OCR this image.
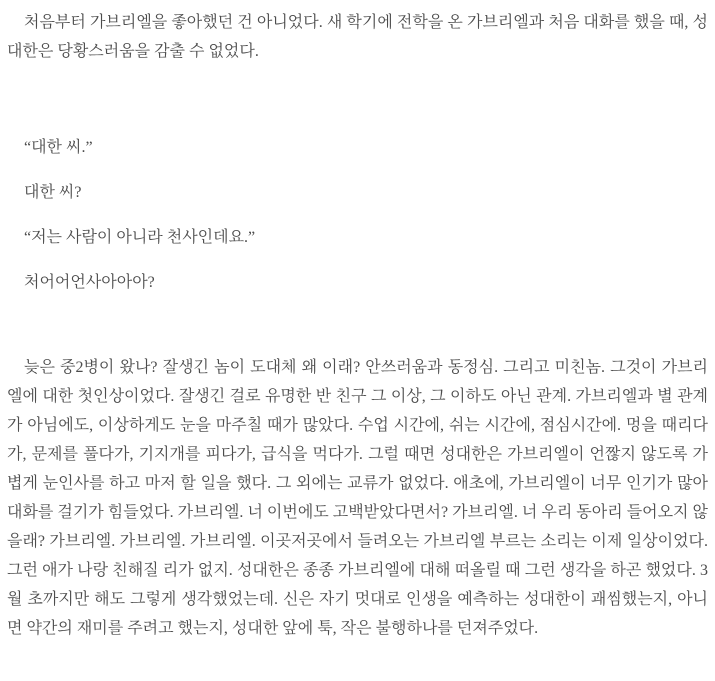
처음부터 가브리엘을 좋아했던 건 아니었다. 새 학기에 전학을 온 가브리엘과 처음 대화를 했을 때, 성대한은 당황스러움을 감출 수 없었다.

“대한 씨.”

대한 씨?

“저는 사람이 아니라 천사인데요.”

처어어언사아아아?

늦은 중2병이 왔나? 잘생긴 놈이 도대체 왜 이래? 안쓰러움과 동정심. 그리고 미친놈. 그것이 가브리엘에 대한 첫인상이었다. 잘생긴 걸로 유명한 반 친구 그 이상, 그 이하도 아닌 관계. 가브리엘과 별 관계가 아님에도, 이상하게도 눈을 마주칠 때가 많았다. 수업 시간에, 쉬는 시간에, 점심시간에. 멍을 때리다가, 문제를 풀다가, 기지개를 피다가, 급식을 먹다가. 그럴 때면 성대한은 가브리엘이 언짢지 않도록 가볍게 눈인사를 하고 마저 할 일을 했다. 그 외에는 교류가 없었다. 애초에, 가브리엘이 너무 인기가 많아 대화를 걸기가 힘들었다. 가브리엘. 너 이번에도 고백받았다면서? 가브리엘. 너 우리 동아리 들어오지 않을래? 가브리엘. 가브리엘. 가브리엘. 이곳저곳에서 들려오는 가브리엘 부르는 소리는 이제 일상이었다. 그런 애가 나랑 친해질 리가 없지. 성대한은 종종 가브리엘에 대해 떠올릴 때 그런 생각을 하곤 했었다. 3월 초까지만 해도 그렇게 생각했었는데. 신은 자기 멋대로 인생을 예측하는 성대한이 괘씸했는지, 아니면 약간의 재미를 주려고 했는지, 성대한 앞에 툭, 작은 불행하나를 던져주었다.
